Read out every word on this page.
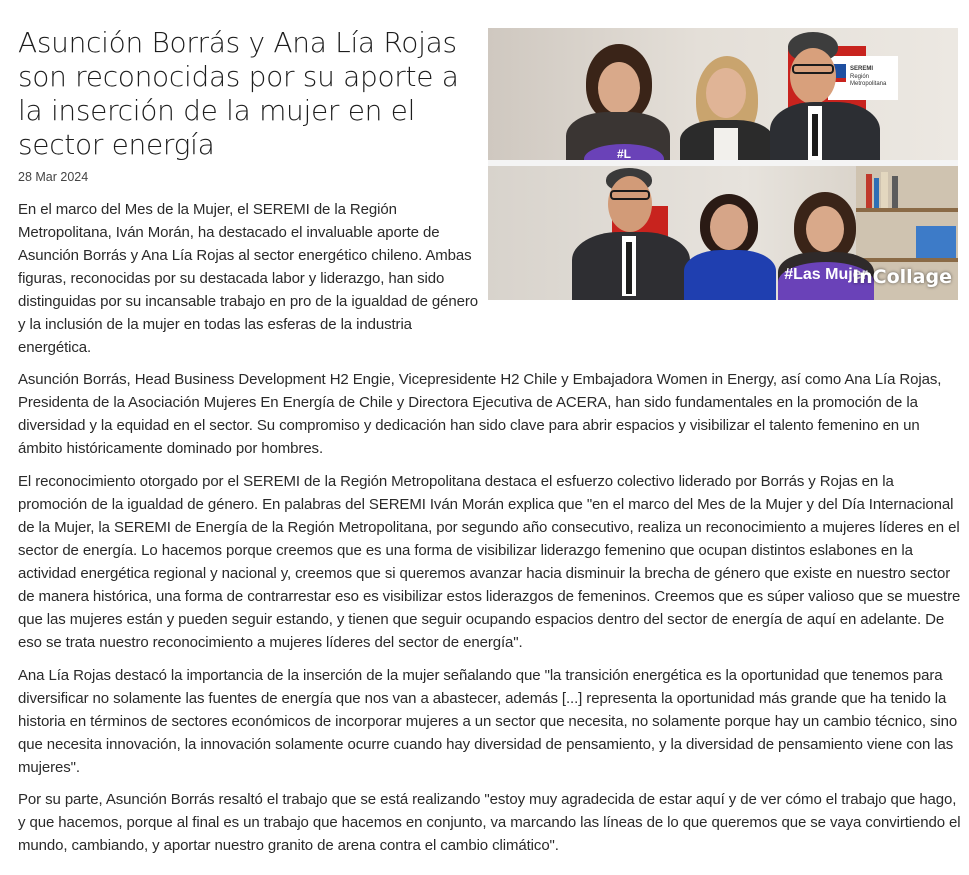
Asunción Borrás y Ana Lía Rojas son reconocidas por su aporte a la inserción de la mujer en el sector energía
28 Mar 2024

En el marco del Mes de la Mujer, el SEREMI de la Región Metropolitana, Iván Morán, ha destacado el invaluable aporte de Asunción Borrás y Ana Lía Rojas al sector energético chileno. Ambas figuras, reconocidas por su destacada labor y liderazgo, han sido distinguidas por su incansable trabajo en pro de la igualdad de género y la inclusión de la mujer en todas las esferas de la industria energética.

Asunción Borrás, Head Business Development H2 Engie, Vicepresidente H2 Chile y Embajadora Women in Energy, así como Ana Lía Rojas, Presidenta de la Asociación Mujeres En Energía de Chile y Directora Ejecutiva de ACERA, han sido fundamentales en la promoción de la diversidad y la equidad en el sector. Su compromiso y dedicación han sido clave para abrir espacios y visibilizar el talento femenino en un ámbito históricamente dominado por hombres.

El reconocimiento otorgado por el SEREMI de la Región Metropolitana destaca el esfuerzo colectivo liderado por Borrás y Rojas en la promoción de la igualdad de género. En palabras del SEREMI Iván Morán explica que "en el marco del Mes de la Mujer y del Día Internacional de la Mujer, la SEREMI de Energía de la Región Metropolitana, por segundo año consecutivo, realiza un reconocimiento a mujeres líderes en el sector de energía. Lo hacemos porque creemos que es una forma de visibilizar liderazgo femenino que ocupan distintos eslabones en la actividad energética regional y nacional y, creemos que si queremos avanzar hacia disminuir la brecha de género que existe en nuestro sector de manera histórica, una forma de contrarrestar eso es visibilizar estos liderazgos de femeninos. Creemos que es súper valioso que se muestre que las mujeres están y pueden seguir estando, y tienen que seguir ocupando espacios dentro del sector de energía de aquí en adelante. De eso se trata nuestro reconocimiento a mujeres líderes del sector de energía".

Ana Lía Rojas destacó la importancia de la inserción de la mujer señalando que "la transición energética es la oportunidad que tenemos para diversificar no solamente las fuentes de energía que nos van a abastecer, además [...] representa la oportunidad más grande que ha tenido la historia en términos de sectores económicos de incorporar mujeres a un sector que necesita, no solamente porque hay un cambio técnico, sino que necesita innovación, la innovación solamente ocurre cuando hay diversidad de pensamiento, y la diversidad de pensamiento viene con las mujeres".

Por su parte, Asunción Borrás resaltó el trabajo que se está realizando "estoy muy agradecida de estar aquí y de ver cómo el trabajo que hago, y que hacemos, porque al final es un trabajo que hacemos en conjunto, va marcando las líneas de lo que queremos que se vaya convirtiendo el mundo, cambiando, y aportar nuestro granito de arena contra el cambio climático".

SEREMI
Región Metropolitana
#L
#Las Mujer
InCollage
